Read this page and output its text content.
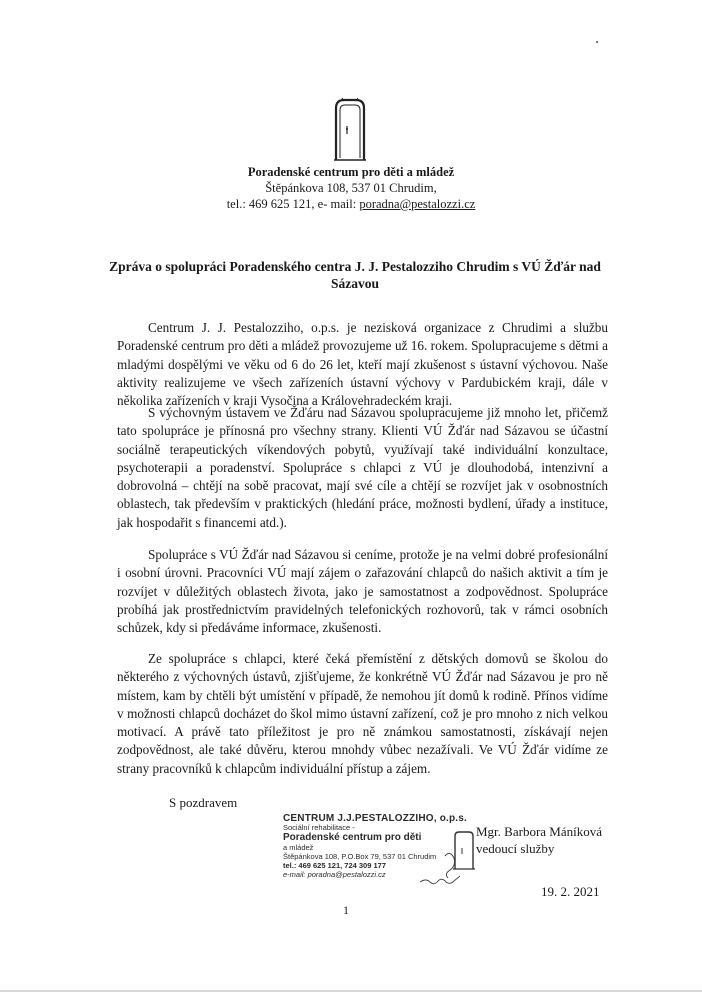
Poradenské centrum pro děti a mládež
Štěpánkova 108, 537 01 Chrudim,
tel.: 469 625 121, e- mail: poradna@pestalozzi.cz
Zpráva o spolupráci Poradenského centra J. J. Pestalozziho Chrudim s VÚ Žďár nad Sázavou

Centrum J. J. Pestalozziho, o.p.s. je nezisková organizace z Chrudimi a službu Poradenské centrum pro děti a mládež provozujeme už 16. rokem. Spolupracujeme s dětmi a mladými dospělými ve věku od 6 do 26 let, kteří mají zkušenost s ústavní výchovou. Naše aktivity realizujeme ve všech zařízeních ústavní výchovy v Pardubickém kraji, dále v několika zařízeních v kraji Vysočina a Královehradeckém kraji.

S výchovným ústavem ve Žďáru nad Sázavou spolupracujeme již mnoho let, přičemž tato spolupráce je přínosná pro všechny strany. Klienti VÚ Žďár nad Sázavou se účastní sociálně terapeutických víkendových pobytů, využívají také individuální konzultace, psychoterapii a poradenství. Spolupráce s chlapci z VÚ je dlouhodobá, intenzivní a dobrovolná – chtějí na sobě pracovat, mají své cíle a chtějí se rozvíjet jak v osobnostních oblastech, tak především v praktických (hledání práce, možnosti bydlení, úřady a instituce, jak hospodařit s financemi atd.).

Spolupráce s VÚ Žďár nad Sázavou si ceníme, protože je na velmi dobré profesionální i osobní úrovni. Pracovníci VÚ mají zájem o zařazování chlapců do našich aktivit a tím je rozvíjet v důležitých oblastech života, jako je samostatnost a zodpovědnost. Spolupráce probíhá jak prostřednictvím pravidelných telefonických rozhovorů, tak v rámci osobních schůzek, kdy si předáváme informace, zkušenosti.

Ze spolupráce s chlapci, které čeká přemístění z dětských domovů se školou do některého z výchovných ústavů, zjišťujeme, že konkrétně VÚ Žďár nad Sázavou je pro ně místem, kam by chtěli být umístění v případě, že nemohou jít domů k rodině. Přínos vidíme v možnosti chlapců docházet do škol mimo ústavní zařízení, což je pro mnoho z nich velkou motivací. A právě tato příležitost je pro ně známkou samostatnosti, získávají nejen zodpovědnost, ale také důvěru, kterou mnohdy vůbec nezažívali. Ve VÚ Žďár vidíme ze strany pracovníků k chlapcům individuální přístup a zájem.

S pozdravem
CENTRUM J.J.PESTALOZZIHO, o.p.s.
Sociální rehabilitace -
Poradenské centrum pro děti
a mládež
Štěpánkova 108, P.O.Box 79, 537 01 Chrudim
tel.: 469 625 121, 724 309 177
e-mail: poradna@pestalozzi.cz
Mgr. Barbora Máníková
vedoucí služby
19. 2. 2021
1
